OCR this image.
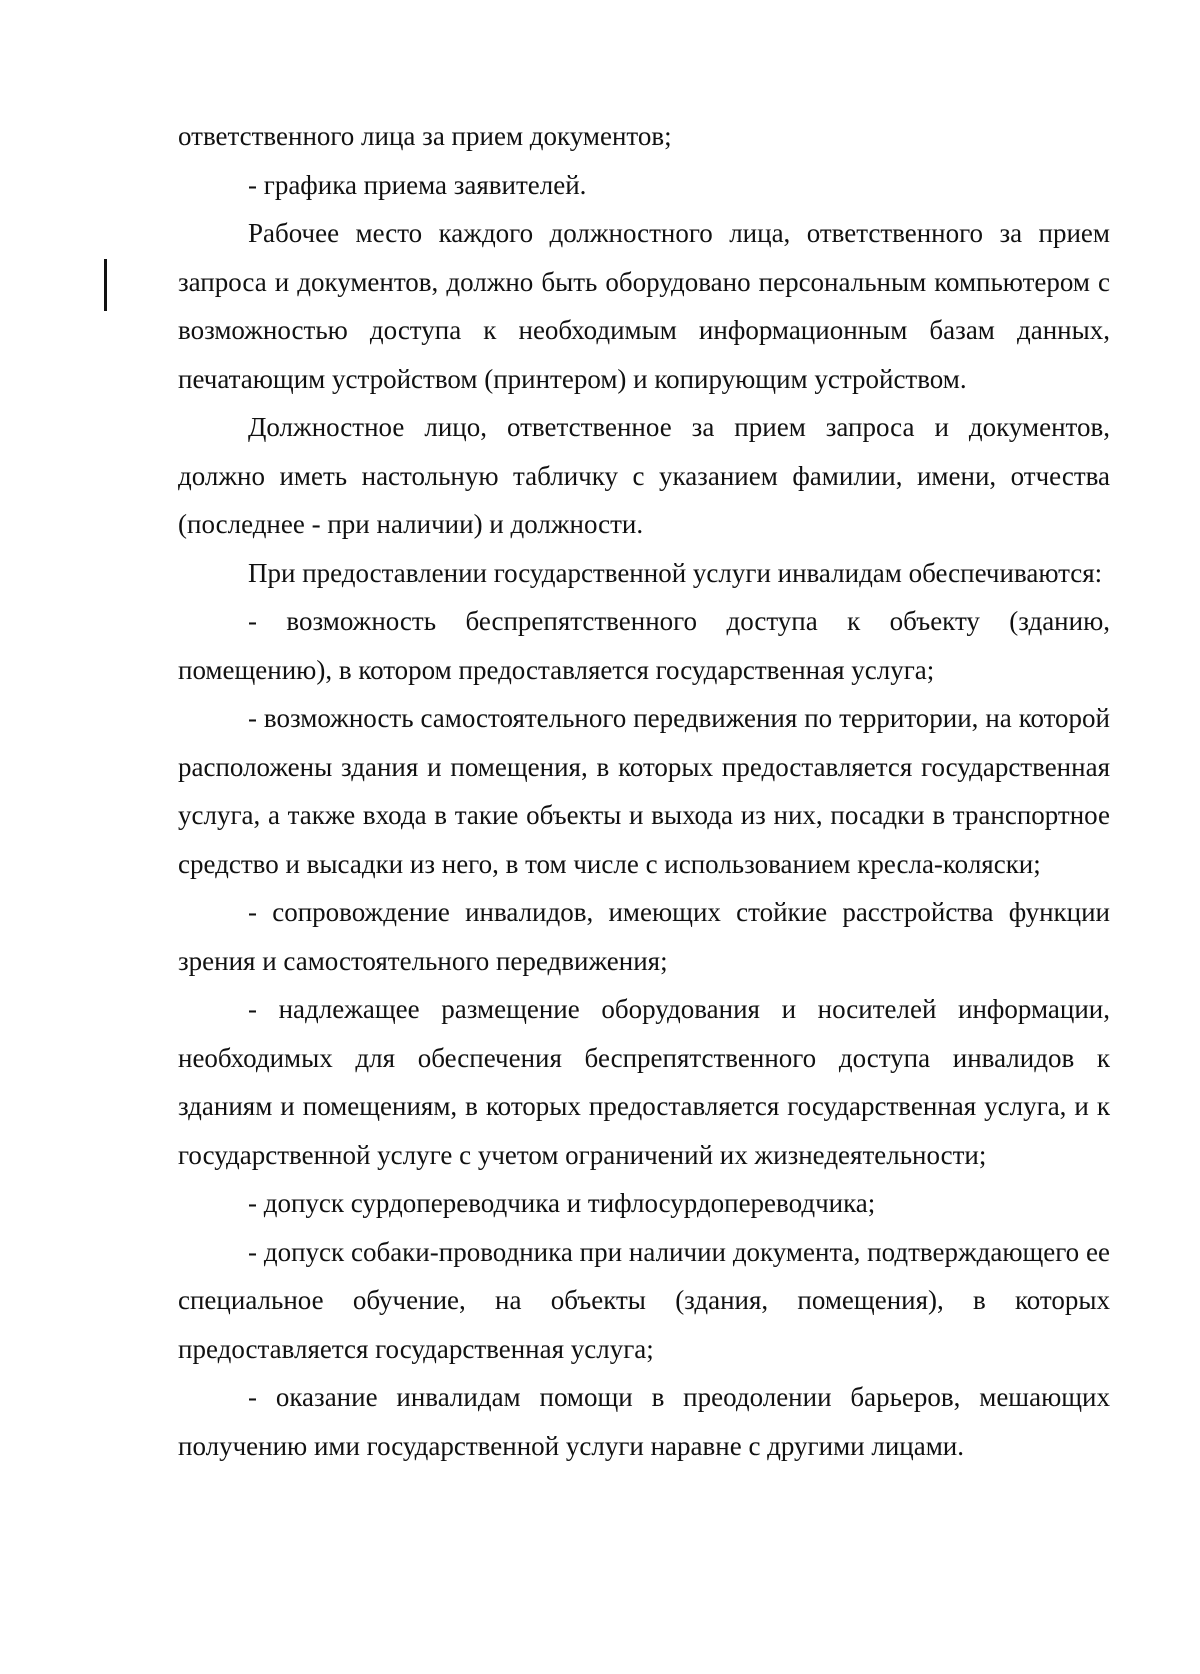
ответственного лица за прием документов;

- графика приема заявителей.

Рабочее место каждого должностного лица, ответственного за прием запроса и документов, должно быть оборудовано персональным компьютером с возможностью доступа к необходимым информационным базам данных, печатающим устройством (принтером) и копирующим устройством.

Должностное лицо, ответственное за прием запроса и документов, должно иметь настольную табличку с указанием фамилии, имени, отчества (последнее - при наличии) и должности.

При предоставлении государственной услуги инвалидам обеспечиваются:

- возможность беспрепятственного доступа к объекту (зданию, помещению), в котором предоставляется государственная услуга;

- возможность самостоятельного передвижения по территории, на которой расположены здания и помещения, в которых предоставляется государственная услуга, а также входа в такие объекты и выхода из них, посадки в транспортное средство и высадки из него, в том числе с использованием кресла-коляски;

- сопровождение инвалидов, имеющих стойкие расстройства функции зрения и самостоятельного передвижения;

- надлежащее размещение оборудования и носителей информации, необходимых для обеспечения беспрепятственного доступа инвалидов к зданиям и помещениям, в которых предоставляется государственная услуга, и к государственной услуге с учетом ограничений их жизнедеятельности;

- допуск сурдопереводчика и тифлосурдопереводчика;

- допуск собаки-проводника при наличии документа, подтверждающего ее специальное обучение, на объекты (здания, помещения), в которых предоставляется государственная услуга;

- оказание инвалидам помощи в преодолении барьеров, мешающих получению ими государственной услуги наравне с другими лицами.
